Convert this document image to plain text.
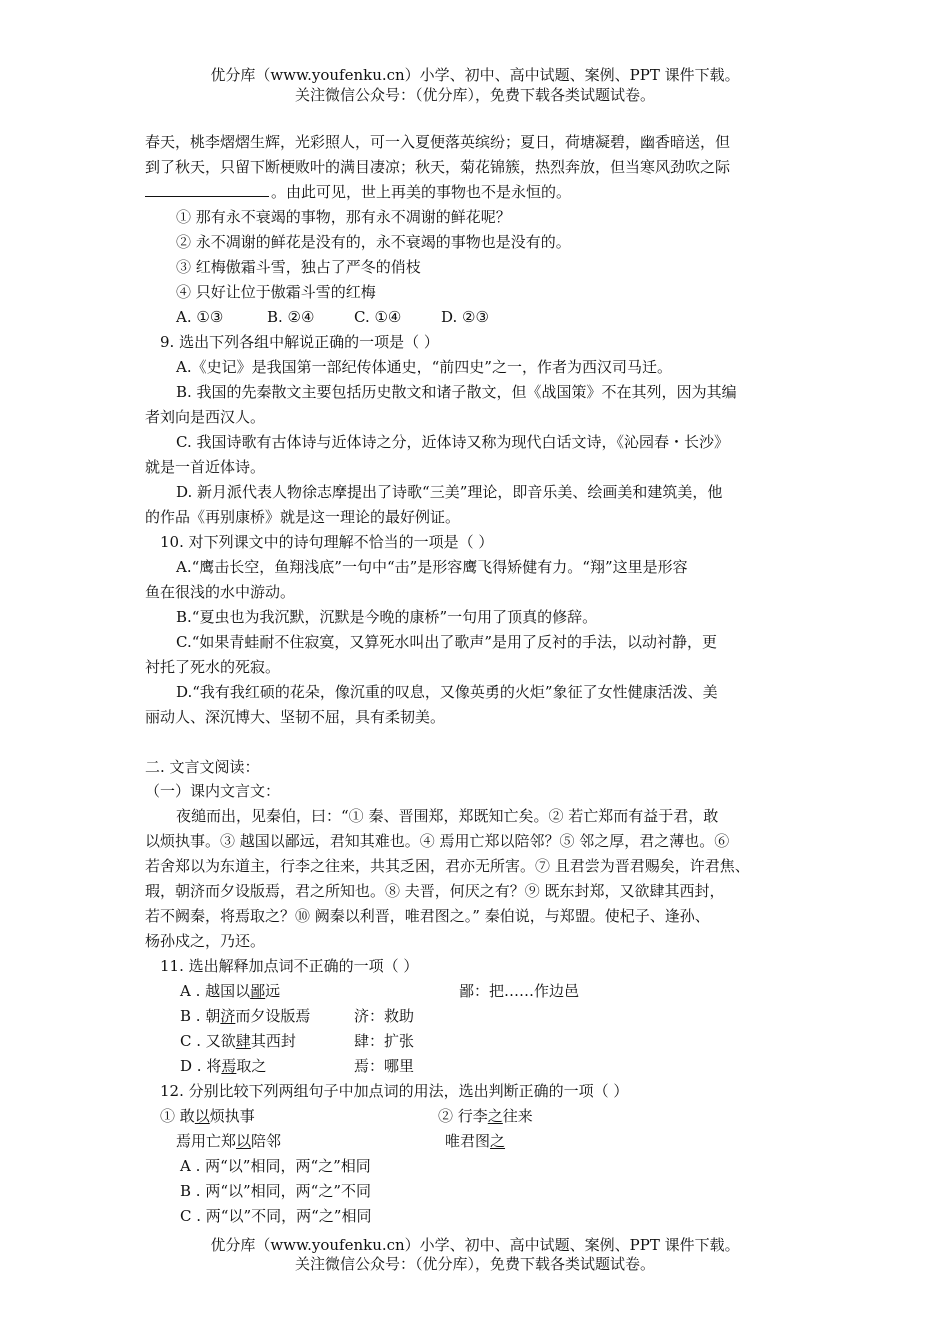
优分库（www.youfenku.cn）小学、初中、高中试题、案例、PPT 课件下载。
关注微信公众号：（优分库），免费下载各类试题试卷。
春天，桃李熠熠生辉，光彩照人，可一入夏便落英缤纷；夏日，荷塘凝碧，幽香暗送，但
到了秋天，只留下断梗败叶的满目凄凉；秋天，菊花锦簇，热烈奔放，但当寒风劲吹之际
。由此可见，世上再美的事物也不是永恒的。
① 那有永不衰竭的事物，那有永不凋谢的鲜花呢？
② 永不凋谢的鲜花是没有的，永不衰竭的事物也是没有的。
③ 红梅傲霜斗雪，独占了严冬的俏枝
④ 只好让位于傲霜斗雪的红梅
A. ①③	B. ②④	C. ①④	D. ②③
9. 选出下列各组中解说正确的一项是（ ）
A.《史记》是我国第一部纪传体通史，“前四史”之一，作者为西汉司马迁。
B. 我国的先秦散文主要包括历史散文和诸子散文，但《战国策》不在其列，因为其编
者刘向是西汉人。
C. 我国诗歌有古体诗与近体诗之分，近体诗又称为现代白话文诗，《沁园春・长沙》
就是一首近体诗。
D. 新月派代表人物徐志摩提出了诗歌“三美”理论，即音乐美、绘画美和建筑美，他
的作品《再别康桥》就是这一理论的最好例证。
10. 对下列课文中的诗句理解不恰当的一项是（ ）
A.“鹰击长空，鱼翔浅底”一句中“击”是形容鹰飞得矫健有力。“翔”这里是形容
鱼在很浅的水中游动。
B.“夏虫也为我沉默，沉默是今晚的康桥”一句用了顶真的修辞。
C.“如果青蛙耐不住寂寞，又算死水叫出了歌声”是用了反衬的手法，以动衬静，更
衬托了死水的死寂。
D.“我有我红硕的花朵，像沉重的叹息，又像英勇的火炬”象征了女性健康活泼、美
丽动人、深沉博大、坚韧不屈，具有柔韧美。
二. 文言文阅读：
（一）课内文言文：
夜缒而出，见秦伯，曰：“① 秦、晋围郑，郑既知亡矣。② 若亡郑而有益于君，敢
以烦执事。③ 越国以鄙远，君知其难也。④ 焉用亡郑以陪邻？⑤ 邻之厚，君之薄也。⑥
若舍郑以为东道主，行李之往来，共其乏困，君亦无所害。⑦ 且君尝为晋君赐矣，许君焦、
瑕，朝济而夕设版焉，君之所知也。⑧ 夫晋，何厌之有？⑨ 既东封郑，又欲肆其西封，
若不阙秦，将焉取之？⑩ 阙秦以利晋，唯君图之。” 秦伯说，与郑盟。使杞子、逢孙、
杨孙戍之，乃还。
11. 选出解释加点词不正确的一项（ ）
A . 越国以鄙远	鄙：把……作边邑
B . 朝济而夕设版焉	济：救助
C . 又欲肆其西封	肆：扩张
D . 将焉取之	焉：哪里
12. 分别比较下列两组句子中加点词的用法，选出判断正确的一项（ ）
① 敢以烦执事	② 行李之往来
焉用亡郑以陪邻	唯君图之
A . 两“以”相同，两“之”相同
B . 两“以”相同，两“之”不同
C . 两“以”不同，两“之”相同
优分库（www.youfenku.cn）小学、初中、高中试题、案例、PPT 课件下载。
关注微信公众号：（优分库），免费下载各类试题试卷。
